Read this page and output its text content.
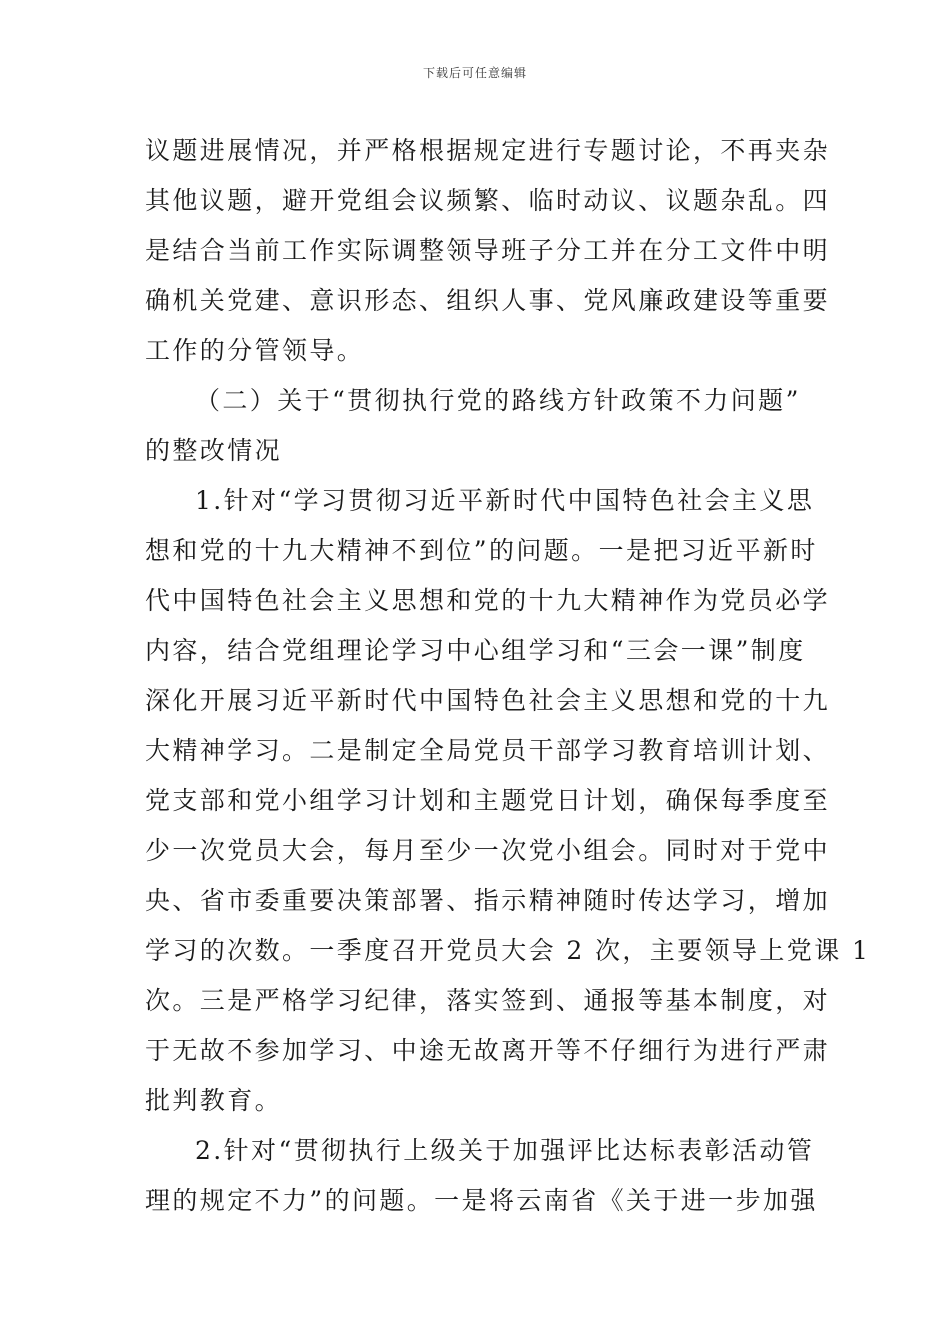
下载后可任意编辑

议题进展情况，并严格根据规定进行专题讨论，不再夹杂
其他议题，避开党组会议频繁、临时动议、议题杂乱。四
是结合当前工作实际调整领导班子分工并在分工文件中明
确机关党建、意识形态、组织人事、党风廉政建设等重要
工作的分管领导。

（二）关于“贯彻执行党的路线方针政策不力问题”
的整改情况

1.针对“学习贯彻习近平新时代中国特色社会主义思
想和党的十九大精神不到位”的问题。一是把习近平新时
代中国特色社会主义思想和党的十九大精神作为党员必学
内容，结合党组理论学习中心组学习和“三会一课”制度
深化开展习近平新时代中国特色社会主义思想和党的十九
大精神学习。二是制定全局党员干部学习教育培训计划、
党支部和党小组学习计划和主题党日计划，确保每季度至
少一次党员大会，每月至少一次党小组会。同时对于党中
央、省市委重要决策部署、指示精神随时传达学习，增加
学习的次数。一季度召开党员大会 2 次，主要领导上党课 1
次。三是严格学习纪律，落实签到、通报等基本制度，对
于无故不参加学习、中途无故离开等不仔细行为进行严肃
批判教育。

2.针对“贯彻执行上级关于加强评比达标表彰活动管
理的规定不力”的问题。一是将云南省《关于进一步加强
